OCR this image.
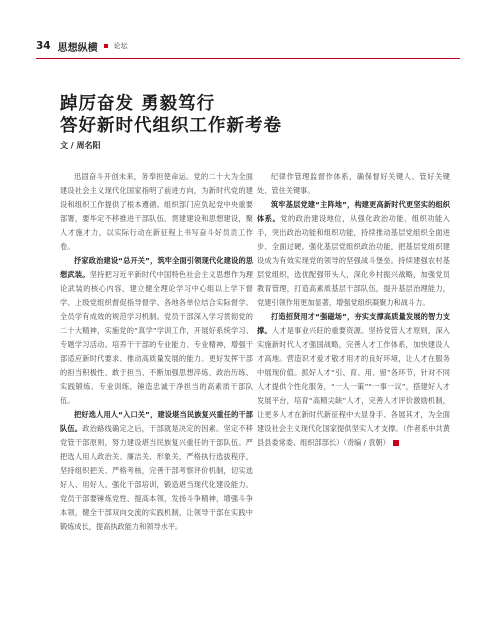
34 思想纵横 论坛
踔厉奋发 勇毅笃行
答好新时代组织工作新考卷
文 / 周名阳

迅固奋斗开创未来，务奉担使命运。党的二十大为全面建设社会主义现代化国家指明了前进方向，为新时代党的建设和组织工作提供了根本遵循。组织部门应负起党中央重要部署，要毕定不移推进干部队伍、贯建建设和思想建设，聚人才施才力，以实际行动在新征程上书写奋斗好员贡工作卷。

抒家政治建设“总开关”，筑牢全面引领现代化建设的思想武装。坚持把习近平新时代中国特色社会主义思想作为理论武装的核心内容，建立健全理论学习中心组以上学下督学、上级党组织督促指导督学、各地各单位结合实际督学、全员学有成效的规范学习机制。党员干部深入学习贯彻党的二十大精神，实施党的“真学”学训工作，开展好系统学习、专题学习活动。培养干干部的专业能力、专业精神，增强干部适应新时代要求、推动高质量发展的能力。更好发挥干部的担当积极性、敢于担当、不断加强思想淬炼、政治历练、实践锻炼、专业训练，锤造忠诚干净担当的高素质干部队伍。

把好选人用人“入口关”，建设堪当民族复兴重任的干部队伍。政治路线确定之后，干部就是决定的因素。坚定不移党管干部原则，努力建设堪当民族复兴重任的干部队伍。严把选人用人政治关、廉洁关、形象关，严格执行选拔程序，坚持组织把关、严格考核，完善干部考察评价机制，切实选好人、用好人。强化干部培训，锻造堪当现代化建设能力。党员干部要锤炼党性、提高本领，发扬斗争精神，增强斗争本领，健全干部双向交流的实践机制，让领导干部在实践中锻炼成长，提高执政能力和领导水平。

纪律作管理监督作体系，确保督好关键人、管好关键处、管住关键事。

筑牢基层党建“主阵地”，构建更高新时代更坚实的组织体系。党的政治建设地位，从强化政治功能、组织功能入手，突出政治功能和组织功能，持续推动基层党组织全面进步、全面过硬。强化基层党组织政治功能，把基层党组织建设成为有效实现党的领导的坚强战斗堡垒。持续建强农村基层党组织，选优配强带头人，深化乡村振兴战略，加强党员教育管理，打造高素质基层干部队伍，提升基层治理能力，党建引领作用更加显著，增强党组织凝聚力和战斗力。

打造招贤用才“强磁场”，夯实支撑高质量发展的智力支撑。人才是事业兴旺的重要资源。坚持党管人才原则，深入实施新时代人才强国战略，完善人才工作体系，加快建设人才高地。营造识才爱才敬才用才的良好环境，让人才在服务中展现价值。抓好人才“引、育、用、留”各环节，针对不同人才提供个性化服务，“一人一策”“一事一议”，搭建好人才发展平台，培育“高精尖缺”人才，完善人才评价激励机制，让更多人才在新时代新征程中大显身手、各展其才，为全面建设社会主义现代化国家提供坚实人才支撑。（作者系中共黄县县委常委、组织部部长）（责编 / 袁朝）
